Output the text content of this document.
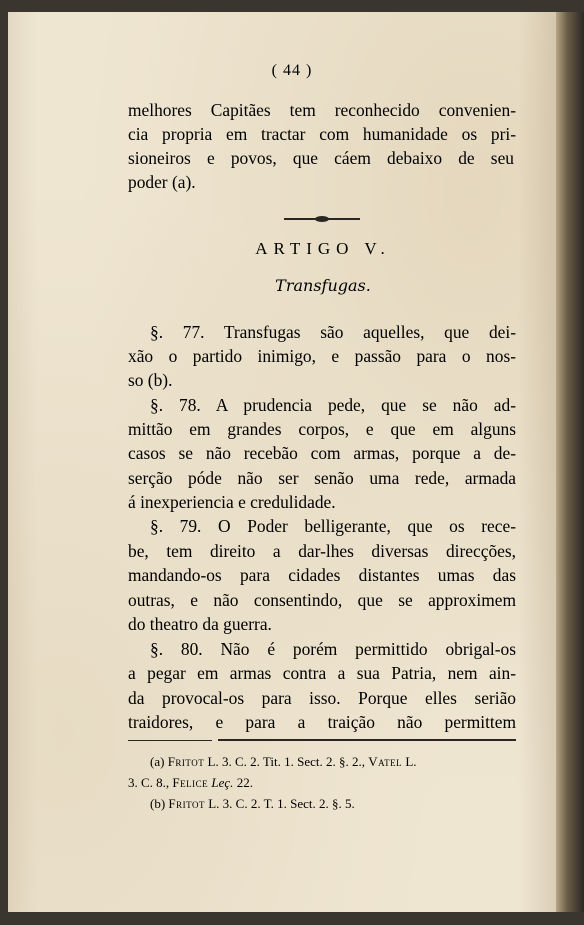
( 44 )
melhores Capitães tem reconhecido convenien-
cia propria em tractar com humanidade os pri-
sioneiros e povos, que cáem debaixo de seu
poder (a).
ARTIGO V.
Transfugas.
§. 77. Transfugas são aquelles, que dei-
xão o partido inimigo, e passão para o nos-
so (b).
§. 78. A prudencia pede, que se não ad-
mittão em grandes corpos, e que em alguns
casos se não recebão com armas, porque a de-
serção póde não ser senão uma rede, armada
á inexperiencia e credulidade.
§. 79. O Poder belligerante, que os rece-
be, tem direito a dar-lhes diversas direcções,
mandando-os para cidades distantes umas das
outras, e não consentindo, que se approximem
do theatro da guerra.
§. 80. Não é porém permittido obrigal-os
a pegar em armas contra a sua Patria, nem ain-
da provocal-os para isso. Porque elles serião
traidores, e para a traição não permittem
(a) Fritot L. 3. C. 2. Tit. 1. Sect. 2. §. 2., Vatel L.
3. C. 8., Felice Leç. 22.
(b) Fritot L. 3. C. 2. T. 1. Sect. 2. §. 5.
